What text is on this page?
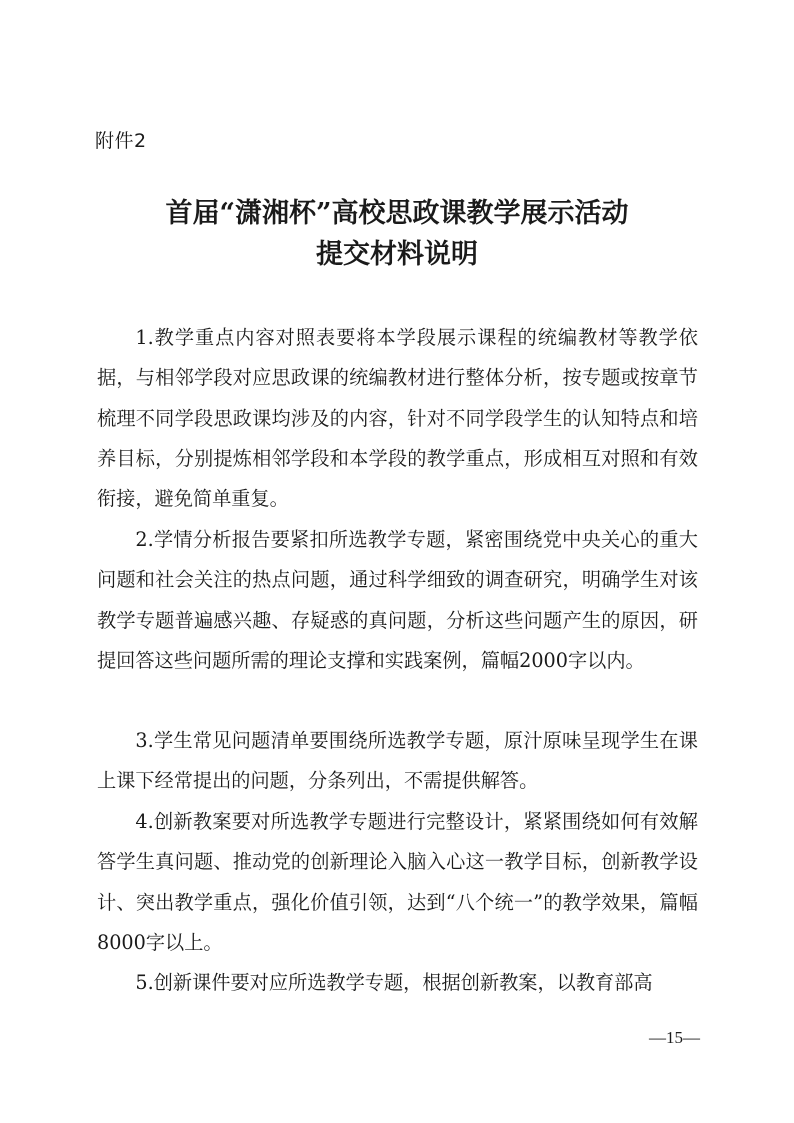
附件2
首届“潇湘杯”高校思政课教学展示活动
提交材料说明

1.教学重点内容对照表要将本学段展示课程的统编教材等教学依据，与相邻学段对应思政课的统编教材进行整体分析，按专题或按章节梳理不同学段思政课均涉及的内容，针对不同学段学生的认知特点和培养目标，分别提炼相邻学段和本学段的教学重点，形成相互对照和有效衔接，避免简单重复。

2.学情分析报告要紧扣所选教学专题，紧密围绕党中央关心的重大问题和社会关注的热点问题，通过科学细致的调查研究，明确学生对该教学专题普遍感兴趣、存疑惑的真问题，分析这些问题产生的原因，研提回答这些问题所需的理论支撑和实践案例，篇幅2000字以内。

3.学生常见问题清单要围绕所选教学专题，原汁原味呈现学生在课上课下经常提出的问题，分条列出，不需提供解答。

4.创新教案要对所选教学专题进行完整设计，紧紧围绕如何有效解答学生真问题、推动党的创新理论入脑入心这一教学目标，创新教学设计、突出教学重点，强化价值引领，达到“八个统一”的教学效果，篇幅8000字以上。

5.创新课件要对应所选教学专题，根据创新教案，以教育部高

—15—
